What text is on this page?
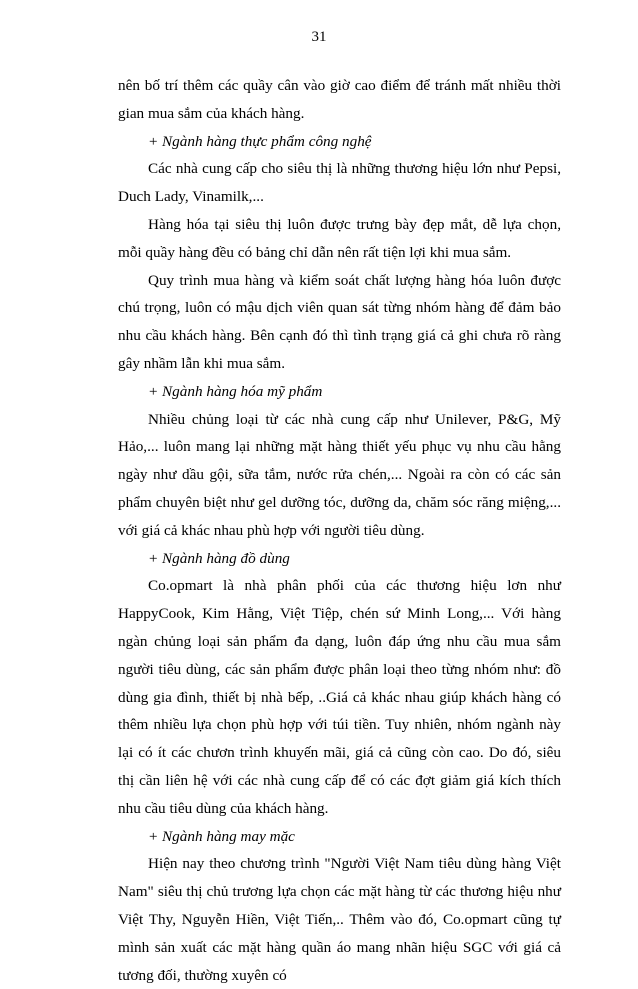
31

nên bố trí thêm các quầy cân vào giờ cao điểm để tránh mất nhiều thời gian mua sắm của khách hàng.

+ Ngành hàng thực phẩm công nghệ

Các nhà cung cấp cho siêu thị là những thương hiệu lớn như Pepsi, Duch Lady, Vinamilk,...

Hàng hóa tại siêu thị luôn được trưng bày đẹp mắt, dễ lựa chọn, mỗi quầy hàng đều có bảng chỉ dẫn nên rất tiện lợi khi mua sắm.

Quy trình mua hàng và kiểm soát chất lượng hàng hóa luôn được chú trọng, luôn có mậu dịch viên quan sát từng nhóm hàng để đảm bảo nhu cầu khách hàng. Bên cạnh đó thì tình trạng giá cả ghi chưa rõ ràng gây nhầm lẫn khi mua sắm.

+ Ngành hàng hóa mỹ phẩm

Nhiều chủng loại từ các nhà cung cấp như Unilever, P&G, Mỹ Hảo,... luôn mang lại những mặt hàng thiết yếu phục vụ nhu cầu hằng ngày như dầu gội, sữa tắm, nước rửa chén,... Ngoài ra còn có các sản phẩm chuyên biệt như gel dưỡng tóc, dưỡng da, chăm sóc răng miệng,... với giá cả khác nhau phù hợp với người tiêu dùng.

+ Ngành hàng đồ dùng

Co.opmart là nhà phân phối của các thương hiệu lơn như HappyCook, Kim Hằng, Việt Tiệp, chén sứ Minh Long,... Với hàng ngàn chủng loại sản phẩm đa dạng, luôn đáp ứng nhu cầu mua sắm người tiêu dùng, các sản phẩm được phân loại theo từng nhóm như: đồ dùng gia đình, thiết bị nhà bếp, ..Giá cả khác nhau giúp khách hàng có thêm nhiều lựa chọn phù hợp với túi tiền. Tuy nhiên, nhóm ngành này lại có ít các chươn trình khuyến mãi, giá cả cũng còn cao. Do đó, siêu thị cần liên hệ với các nhà cung cấp để có các đợt giảm giá kích thích nhu cầu tiêu dùng của khách hàng.

+ Ngành hàng may mặc

Hiện nay theo chương trình "Người Việt Nam tiêu dùng hàng Việt Nam" siêu thị chủ trương lựa chọn các mặt hàng từ các thương hiệu như Việt Thy, Nguyễn Hiền, Việt Tiến,.. Thêm vào đó, Co.opmart cũng tự mình sản xuất các mặt hàng quần áo mang nhãn hiệu SGC với giá cả tương đối, thường xuyên có
